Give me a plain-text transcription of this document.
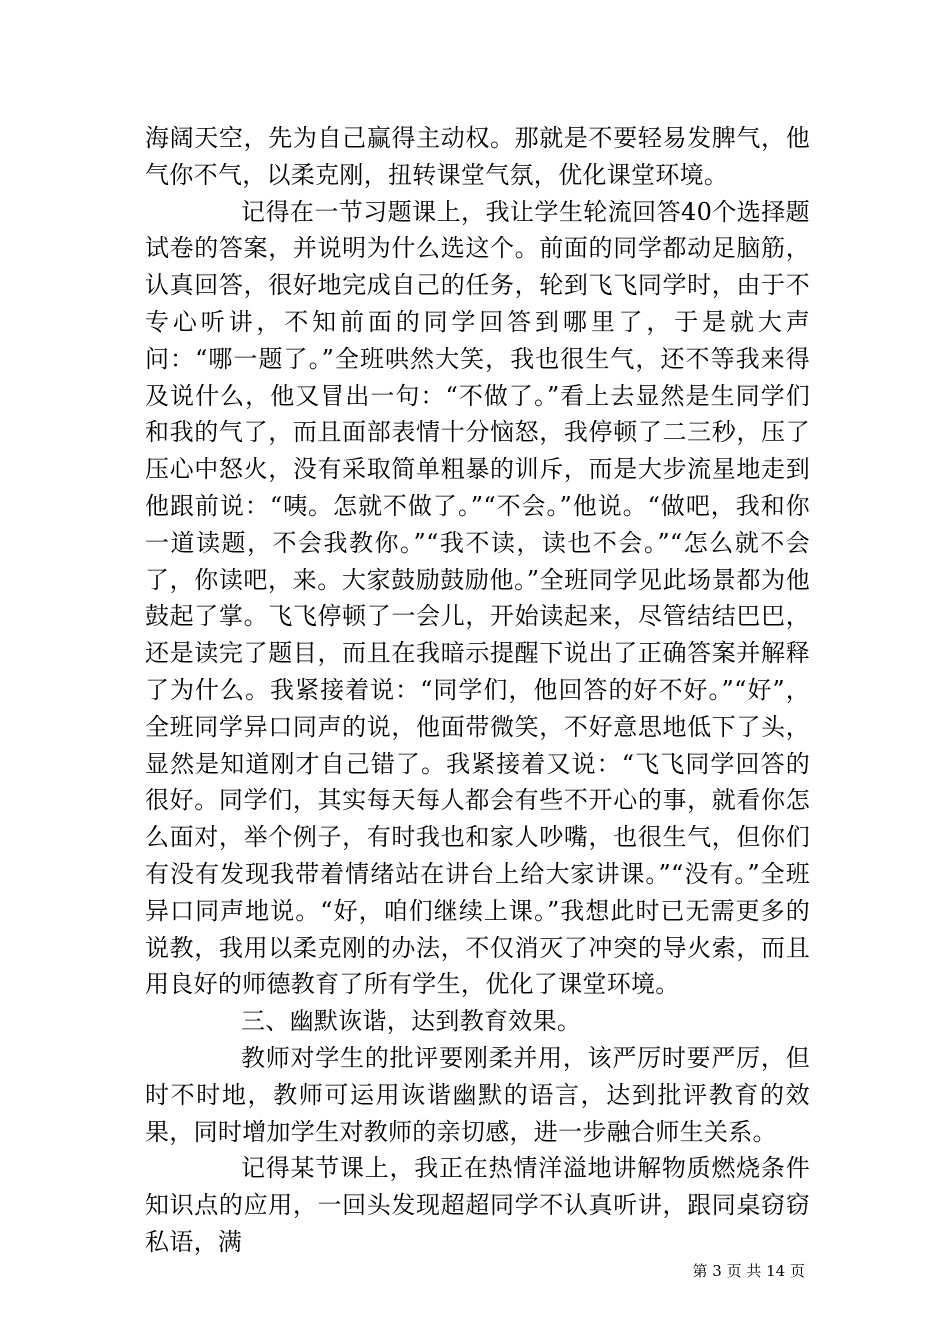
海阔天空，先为自己赢得主动权。那就是不要轻易发脾气，他气你不气，以柔克刚，扭转课堂气氛，优化课堂环境。

记得在一节习题课上，我让学生轮流回答40个选择题试卷的答案，并说明为什么选这个。前面的同学都动足脑筋，认真回答，很好地完成自己的任务，轮到飞飞同学时，由于不专心听讲，不知前面的同学回答到哪里了，于是就大声问：“哪一题了。”全班哄然大笑，我也很生气，还不等我来得及说什么，他又冒出一句：“不做了。”看上去显然是生同学们和我的气了，而且面部表情十分恼怒，我停顿了二三秒，压了压心中怒火，没有采取简单粗暴的训斥，而是大步流星地走到他跟前说：“咦。怎就不做了。”“不会。”他说。“做吧，我和你一道读题，不会我教你。”“我不读，读也不会。”“怎么就不会了，你读吧，来。大家鼓励鼓励他。”全班同学见此场景都为他鼓起了掌。飞飞停顿了一会儿，开始读起来，尽管结结巴巴，还是读完了题目，而且在我暗示提醒下说出了正确答案并解释了为什么。我紧接着说：“同学们，他回答的好不好。”“好”，全班同学异口同声的说，他面带微笑，不好意思地低下了头，显然是知道刚才自己错了。我紧接着又说：“飞飞同学回答的很好。同学们，其实每天每人都会有些不开心的事，就看你怎么面对，举个例子，有时我也和家人吵嘴，也很生气，但你们有没有发现我带着情绪站在讲台上给大家讲课。”“没有。”全班异口同声地说。“好，咱们继续上课。”我想此时已无需更多的说教，我用以柔克刚的办法，不仅消灭了冲突的导火索，而且用良好的师德教育了所有学生，优化了课堂环境。

三、幽默诙谐，达到教育效果。

教师对学生的批评要刚柔并用，该严厉时要严厉，但时不时地，教师可运用诙谐幽默的语言，达到批评教育的效果，同时增加学生对教师的亲切感，进一步融合师生关系。

记得某节课上，我正在热情洋溢地讲解物质燃烧条件知识点的应用，一回头发现超超同学不认真听讲，跟同桌窃窃私语，满

第 3 页 共 14 页
